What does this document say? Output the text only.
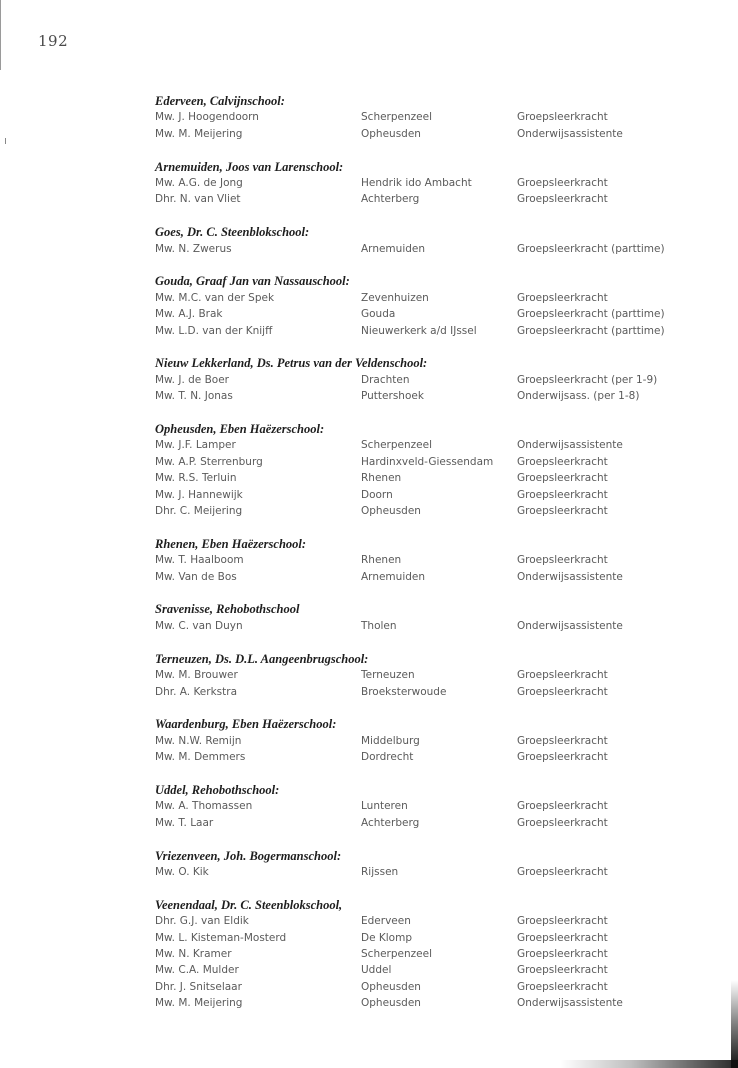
192
Ederveen, Calvijnschool:
Mw. J. Hoogendoorn	Scherpenzeel	Groepsleerkracht
Mw. M. Meijering	Opheusden	Onderwijsassistente
Arnemuiden, Joos van Larenschool:
Mw. A.G. de Jong	Hendrik ido Ambacht	Groepsleerkracht
Dhr. N. van Vliet	Achterberg	Groepsleerkracht
Goes, Dr. C. Steenblokschool:
Mw. N. Zwerus	Arnemuiden	Groepsleerkracht (parttime)
Gouda, Graaf Jan van Nassauschool:
Mw. M.C. van der Spek	Zevenhuizen	Groepsleerkracht
Mw. A.J. Brak	Gouda	Groepsleerkracht (parttime)
Mw. L.D. van der Knijff	Nieuwerkerk a/d IJssel	Groepsleerkracht (parttime)
Nieuw Lekkerland, Ds. Petrus van der Veldenschool:
Mw. J. de Boer	Drachten	Groepsleerkracht (per 1-9)
Mw. T. N. Jonas	Puttershoek	Onderwijsass. (per 1-8)
Opheusden, Eben Haëzerschool:
Mw. J.F. Lamper	Scherpenzeel	Onderwijsassistente
Mw. A.P. Sterrenburg	Hardinxveld-Giessendam	Groepsleerkracht
Mw. R.S. Terluin	Rhenen	Groepsleerkracht
Mw. J. Hannewijk	Doorn	Groepsleerkracht
Dhr. C. Meijering	Opheusden	Groepsleerkracht
Rhenen, Eben Haëzerschool:
Mw. T. Haalboom	Rhenen	Groepsleerkracht
Mw. Van de Bos	Arnemuiden	Onderwijsassistente
Sravenisse, Rehobothschool
Mw. C. van Duyn	Tholen	Onderwijsassistente
Terneuzen, Ds. D.L. Aangeenbrugschool:
Mw. M. Brouwer	Terneuzen	Groepsleerkracht
Dhr. A. Kerkstra	Broeksterwoude	Groepsleerkracht
Waardenburg, Eben Haëzerschool:
Mw. N.W. Remijn	Middelburg	Groepsleerkracht
Mw. M. Demmers	Dordrecht	Groepsleerkracht
Uddel, Rehobothschool:
Mw. A. Thomassen	Lunteren	Groepsleerkracht
Mw. T. Laar	Achterberg	Groepsleerkracht
Vriezenveen, Joh. Bogermanschool:
Mw. O. Kik	Rijssen	Groepsleerkracht
Veenendaal, Dr. C. Steenblokschool,
Dhr. G.J. van Eldik	Ederveen	Groepsleerkracht
Mw. L. Kisteman-Mosterd	De Klomp	Groepsleerkracht
Mw. N. Kramer	Scherpenzeel	Groepsleerkracht
Mw. C.A. Mulder	Uddel	Groepsleerkracht
Dhr. J. Snitselaar	Opheusden	Groepsleerkracht
Mw. M. Meijering	Opheusden	Onderwijsassistente
